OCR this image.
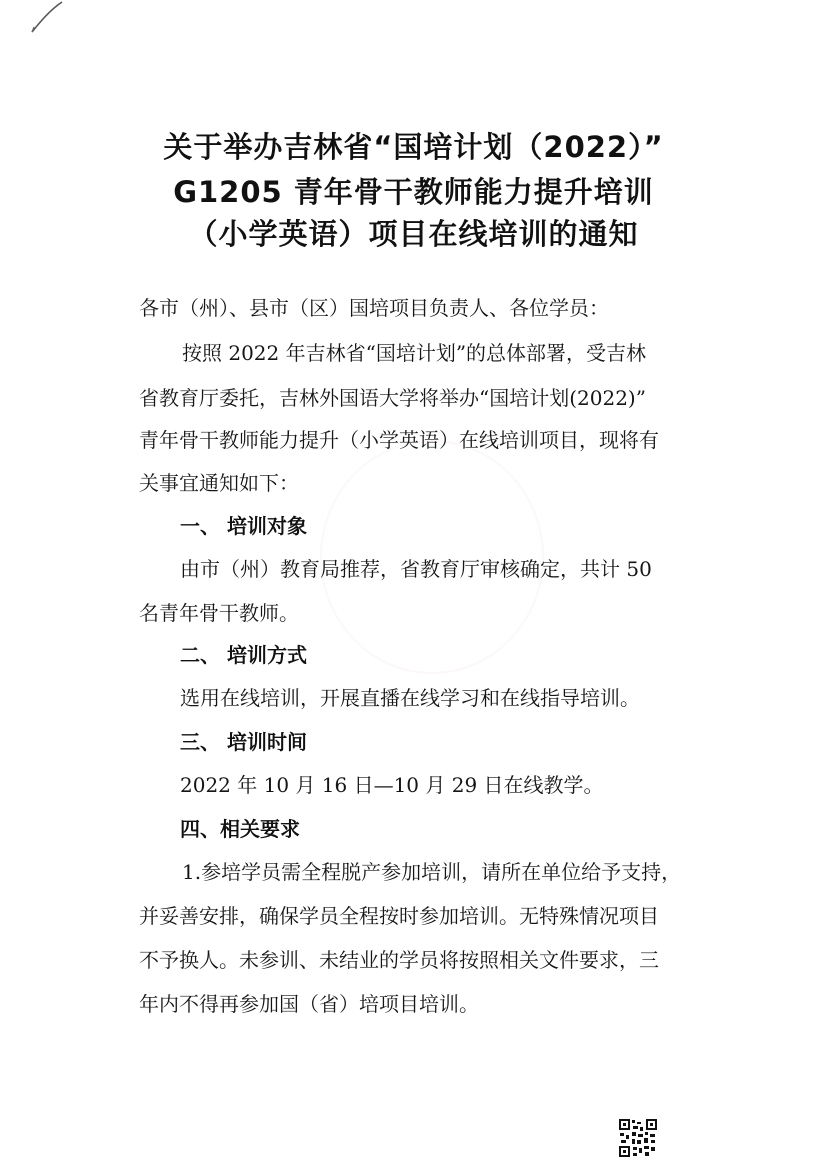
关于举办吉林省“国培计划（2022）”
G1205 青年骨干教师能力提升培训
（小学英语）项目在线培训的通知
各市（州）、县市（区）国培项目负责人、各位学员：
按照 2022 年吉林省“国培计划”的总体部署，受吉林
省教育厅委托，吉林外国语大学将举办“国培计划(2022)”
青年骨干教师能力提升（小学英语）在线培训项目，现将有
关事宜通知如下：
一、 培训对象
由市（州）教育局推荐，省教育厅审核确定，共计 50
名青年骨干教师。
二、 培训方式
选用在线培训，开展直播在线学习和在线指导培训。
三、 培训时间
2022 年 10 月 16 日—10 月 29 日在线教学。
四、相关要求
1.参培学员需全程脱产参加培训，请所在单位给予支持，
并妥善安排，确保学员全程按时参加培训。无特殊情况项目
不予换人。未参训、未结业的学员将按照相关文件要求，三
年内不得再参加国（省）培项目培训。
